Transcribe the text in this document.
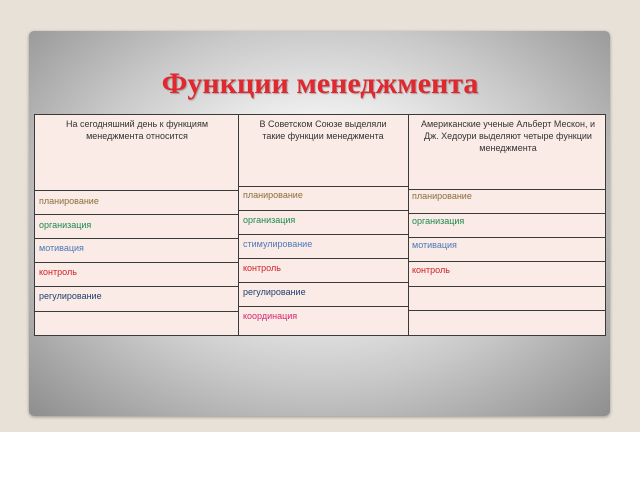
Функции менеджмента
На сегодняшний день к функциям менеджмента относится
В Советском Союзе выделяли такие функции менеджмента
Американские ученые Альберт Мескон, и Дж. Хедоури выделяют четыре функции менеджмента
планирование
организация
мотивация
контроль
регулирование
планирование
организация
стимулирование
контроль
регулирование
координация
планирование
организация
мотивация
контроль
